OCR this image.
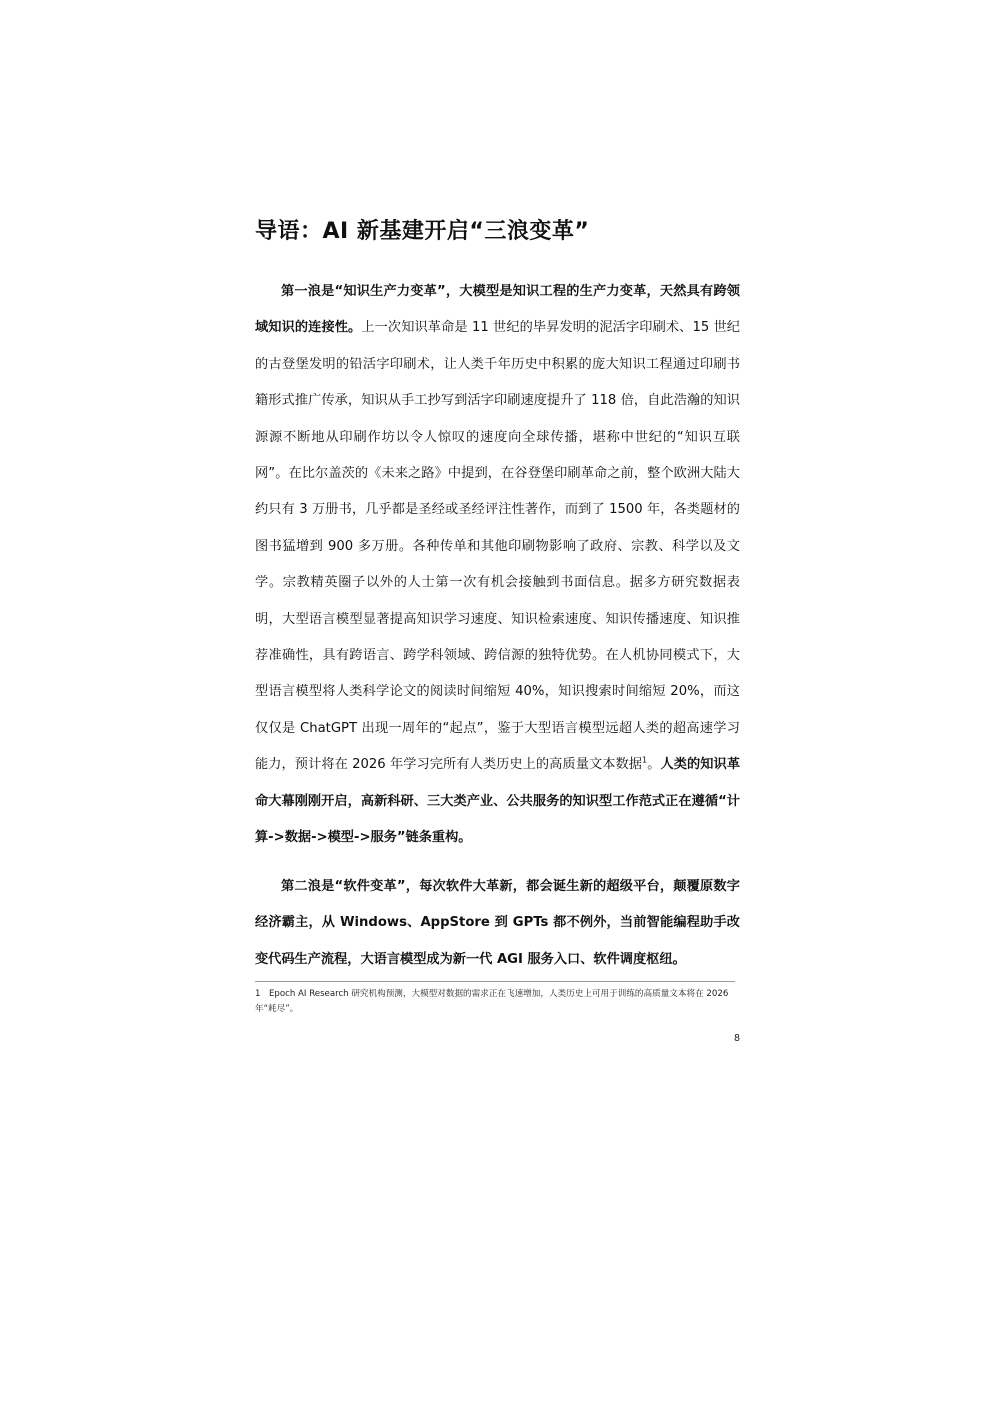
导语：AI 新基建开启“三浪变革”

第一浪是“知识生产力变革”，大模型是知识工程的生产力变革，天然具有跨领域知识的连接性。上一次知识革命是 11 世纪的毕昇发明的泥活字印刷术、15 世纪的古登堡发明的铅活字印刷术，让人类千年历史中积累的庞大知识工程通过印刷书籍形式推广传承，知识从手工抄写到活字印刷速度提升了 118 倍，自此浩瀚的知识源源不断地从印刷作坊以令人惊叹的速度向全球传播，堪称中世纪的“知识互联网”。在比尔盖茨的《未来之路》中提到，在谷登堡印刷革命之前，整个欧洲大陆大约只有 3 万册书，几乎都是圣经或圣经评注性著作，而到了 1500 年，各类题材的图书猛增到 900 多万册。各种传单和其他印刷物影响了政府、宗教、科学以及文学。宗教精英圈子以外的人士第一次有机会接触到书面信息。据多方研究数据表明，大型语言模型显著提高知识学习速度、知识检索速度、知识传播速度、知识推荐准确性，具有跨语言、跨学科领域、跨信源的独特优势。在人机协同模式下，大型语言模型将人类科学论文的阅读时间缩短 40%，知识搜索时间缩短 20%，而这仅仅是 ChatGPT 出现一周年的“起点”，鉴于大型语言模型远超人类的超高速学习能力，预计将在 2026 年学习完所有人类历史上的高质量文本数据$^1$。人类的知识革命大幕刚刚开启，高新科研、三大类产业、公共服务的知识型工作范式正在遵循“计算->数据->模型->服务”链条重构。

第二浪是“软件变革”，每次软件大革新，都会诞生新的超级平台，颠覆原数字经济霸主，从 Windows、AppStore 到 GPTs 都不例外，当前智能编程助手改变代码生产流程，大语言模型成为新一代 AGI 服务入口、软件调度枢纽。

1 Epoch AI Research 研究机构预测，大模型对数据的需求正在飞速增加，人类历史上可用于训练的高质量文本将在 2026 年“耗尽”。

8
